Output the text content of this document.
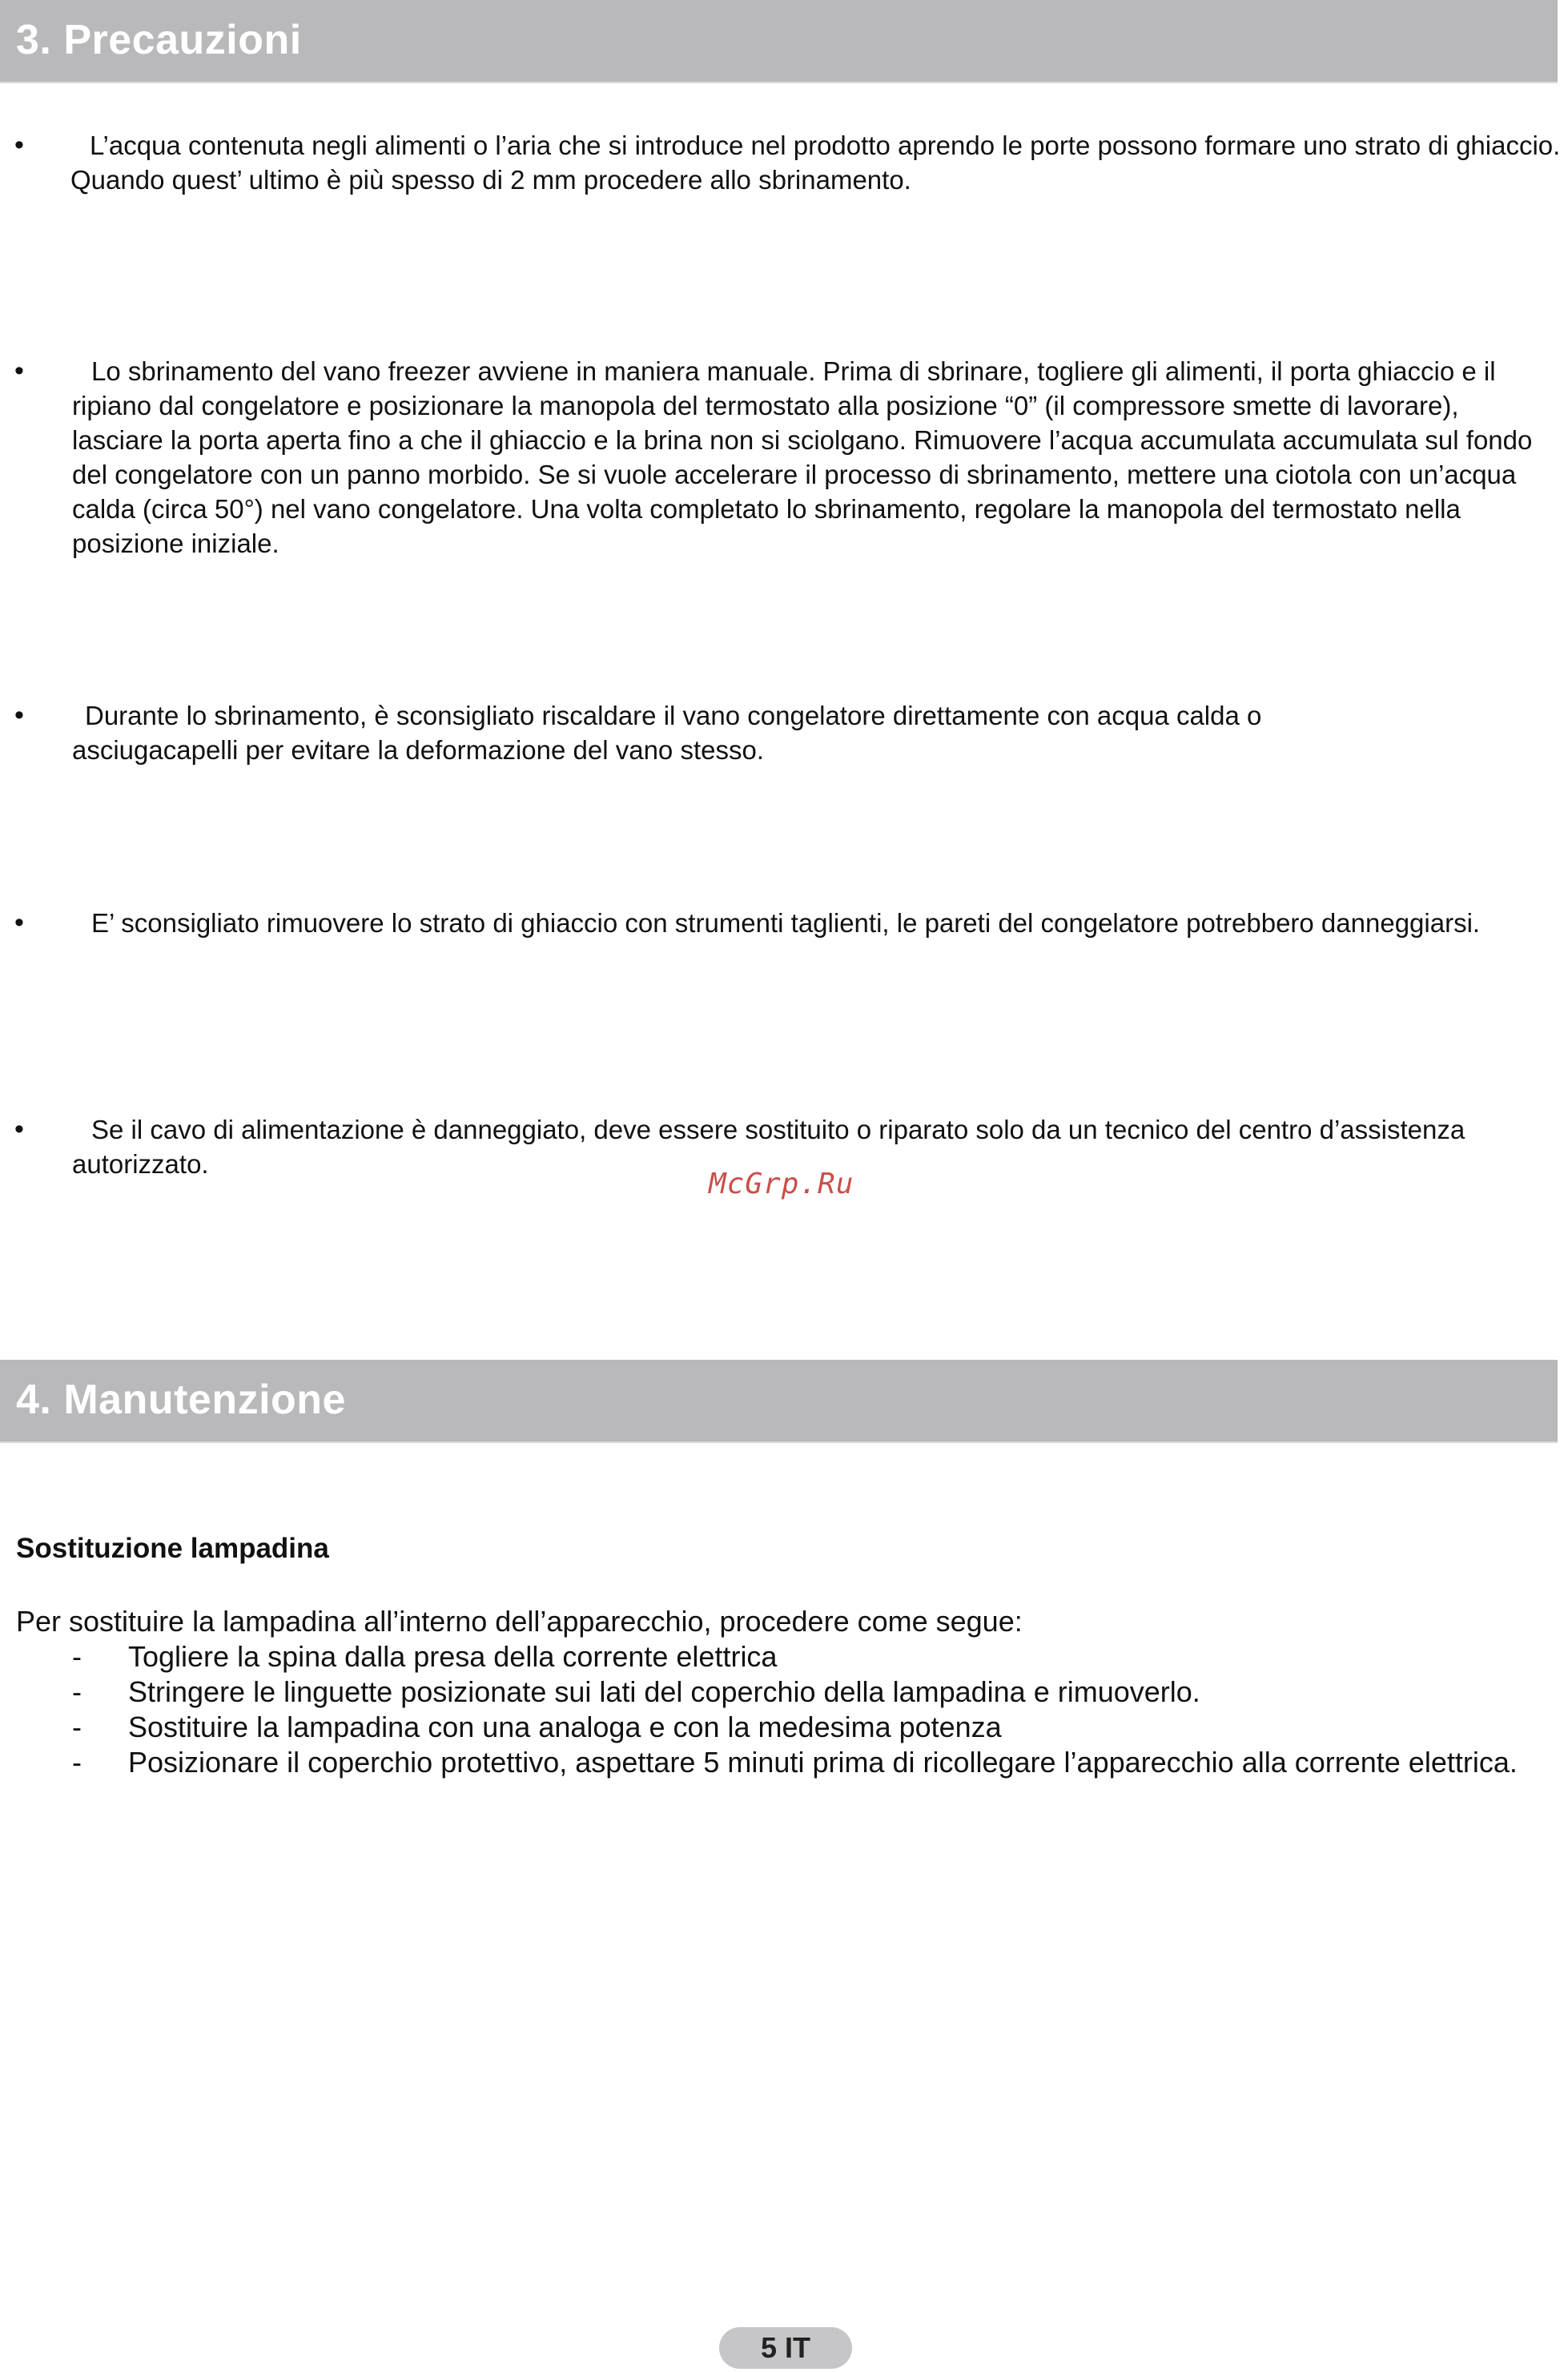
3. Precauzioni
•	L’acqua contenuta negli alimenti o l’aria che si introduce nel prodotto aprendo le porte possono formare uno strato di ghiaccio. Quando quest’ ultimo è più spesso di 2 mm procedere allo sbrinamento.

•	Lo sbrinamento del vano freezer avviene in maniera manuale. Prima di sbrinare, togliere gli alimenti, il porta ghiaccio e il ripiano dal congelatore e posizionare la manopola del termostato alla posizione “0” (il compressore smette di lavorare), lasciare la porta aperta fino a che il ghiaccio e la brina non si sciolgano. Rimuovere l’acqua accumulata accumulata sul fondo del congelatore con un panno morbido. Se si vuole accelerare il processo di sbrinamento, mettere una ciotola con un’acqua calda (circa 50°) nel vano congelatore. Una volta completato lo sbrinamento, regolare la manopola del termostato nella posizione iniziale.

•	Durante lo sbrinamento, è sconsigliato riscaldare il vano congelatore direttamente con acqua calda o asciugacapelli per evitare la deformazione del vano stesso.

•	E’ sconsigliato rimuovere lo strato di ghiaccio con strumenti taglienti, le pareti del congelatore potrebbero danneggiarsi.

•	Se il cavo di alimentazione è danneggiato, deve essere sostituito o riparato solo da un tecnico del centro d’assistenza autorizzato.

McGrp.Ru
4. Manutenzione
Sostituzione lampadina

Per sostituire la lampadina all’interno dell’apparecchio, procedere come segue:

- Togliere la spina dalla presa della corrente elettrica
- Stringere le linguette posizionate sui lati del coperchio della lampadina e rimuoverlo.
- Sostituire la lampadina con una analoga e con la medesima potenza
- Posizionare il coperchio protettivo, aspettare 5 minuti prima di ricollegare l’apparecchio alla corrente elettrica.
5 IT
